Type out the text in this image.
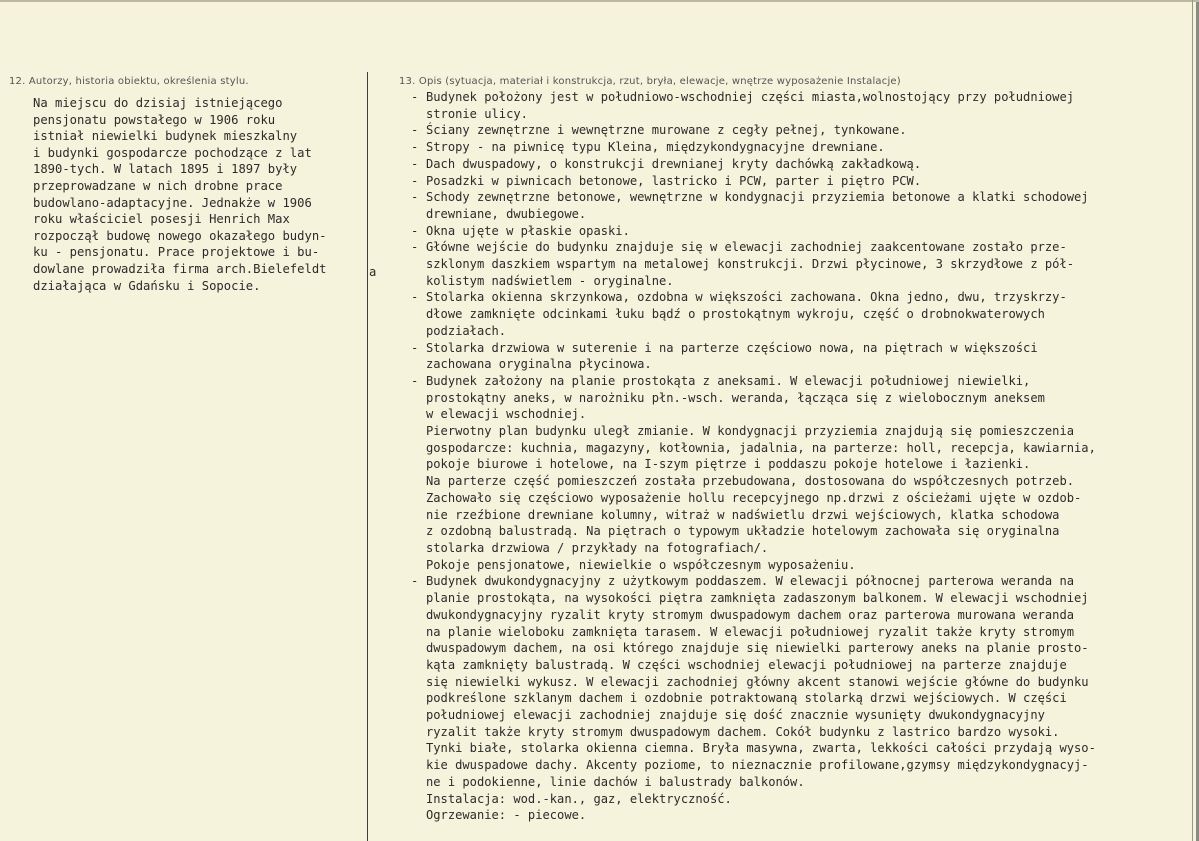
12. Autorzy, historia obiektu, określenia stylu.	13. Opis (sytuacja, materiał i konstrukcja, rzut, bryła, elewacje, wnętrze wyposażenie Instalacje)
Na miejscu do dzisiaj istniejącego
pensjonatu powstałego w 1906 roku
istniał niewielki budynek mieszkalny
i budynki gospodarcze pochodzące z lat
1890-tych. W latach 1895 i 1897 były
przeprowadzane w nich drobne prace
budowlano-adaptacyjne. Jednakże w 1906
roku właściciel posesji Henrich Max
rozpoczął budowę nowego okazałego budyn-
ku - pensjonatu. Prace projektowe i bu-
dowlane prowadziła firma arch.Bielefeldt
działająca w Gdańsku i Sopocie.
a
- Budynek położony jest w południowo-wschodniej części miasta,wolnostojący przy południowej
stronie ulicy.
- Ściany zewnętrzne i wewnętrzne murowane z cegły pełnej, tynkowane.
- Stropy - na piwnicę typu Kleina, międzykondygnacyjne drewniane.
- Dach dwuspadowy, o konstrukcji drewnianej kryty dachówką zakładkową.
- Posadzki w piwnicach betonowe, lastricko i PCW, parter i piętro PCW.
- Schody zewnętrzne betonowe, wewnętrzne w kondygnacji przyziemia betonowe a klatki schodowej
drewniane, dwubiegowe.
- Okna ujęte w płaskie opaski.
- Główne wejście do budynku znajduje się w elewacji zachodniej zaakcentowane zostało prze-
szklonym daszkiem wspartym na metalowej konstrukcji. Drzwi płycinowe, 3 skrzydłowe z pół-
kolistym nadświetlem - oryginalne.
- Stolarka okienna skrzynkowa, ozdobna w większości zachowana. Okna jedno, dwu, trzyskrzy-
dłowe zamknięte odcinkami łuku bądź o prostokątnym wykroju, część o drobnokwaterowych
podziałach.
- Stolarka drzwiowa w suterenie i na parterze częściowo nowa, na piętrach w większości
zachowana oryginalna płycinowa.
- Budynek założony na planie prostokąta z aneksami. W elewacji południowej niewielki,
prostokątny aneks, w narożniku płn.-wsch. weranda, łącząca się z wielobocznym aneksem
w elewacji wschodniej.
Pierwotny plan budynku uległ zmianie. W kondygnacji przyziemia znajdują się pomieszczenia
gospodarcze: kuchnia, magazyny, kotłownia, jadalnia, na parterze: holl, recepcja, kawiarnia,
pokoje biurowe i hotelowe, na I-szym piętrze i poddaszu pokoje hotelowe i łazienki.
Na parterze część pomieszczeń została przebudowana, dostosowana do współczesnych potrzeb.
Zachowało się częściowo wyposażenie hollu recepcyjnego np.drzwi z ościeżami ujęte w ozdob-
nie rzeźbione drewniane kolumny, witraż w nadświetlu drzwi wejściowych, klatka schodowa
z ozdobną balustradą. Na piętrach o typowym układzie hotelowym zachowała się oryginalna
stolarka drzwiowa / przykłady na fotografiach/.
Pokoje pensjonatowe, niewielkie o współczesnym wyposażeniu.
- Budynek dwukondygnacyjny z użytkowym poddaszem. W elewacji północnej parterowa weranda na
planie prostokąta, na wysokości piętra zamknięta zadaszonym balkonem. W elewacji wschodniej
dwukondygnacyjny ryzalit kryty stromym dwuspadowym dachem oraz parterowa murowana weranda
na planie wieloboku zamknięta tarasem. W elewacji południowej ryzalit także kryty stromym
dwuspadowym dachem, na osi którego znajduje się niewielki parterowy aneks na planie prosto-
kąta zamknięty balustradą. W części wschodniej elewacji południowej na parterze znajduje
się niewielki wykusz. W elewacji zachodniej główny akcent stanowi wejście główne do budynku
podkreślone szklanym dachem i ozdobnie potraktowaną stolarką drzwi wejściowych. W części
południowej elewacji zachodniej znajduje się dość znacznie wysunięty dwukondygnacyjny
ryzalit także kryty stromym dwuspadowym dachem. Cokół budynku z lastrico bardzo wysoki.
Tynki białe, stolarka okienna ciemna. Bryła masywna, zwarta, lekkości całości przydają wyso-
kie dwuspadowe dachy. Akcenty poziome, to nieznacznie profilowane,gzymsy międzykondygnacyj-
ne i podokienne, linie dachów i balustrady balkonów.
Instalacja: wod.-kan., gaz, elektryczność.
Ogrzewanie: - piecowe.
